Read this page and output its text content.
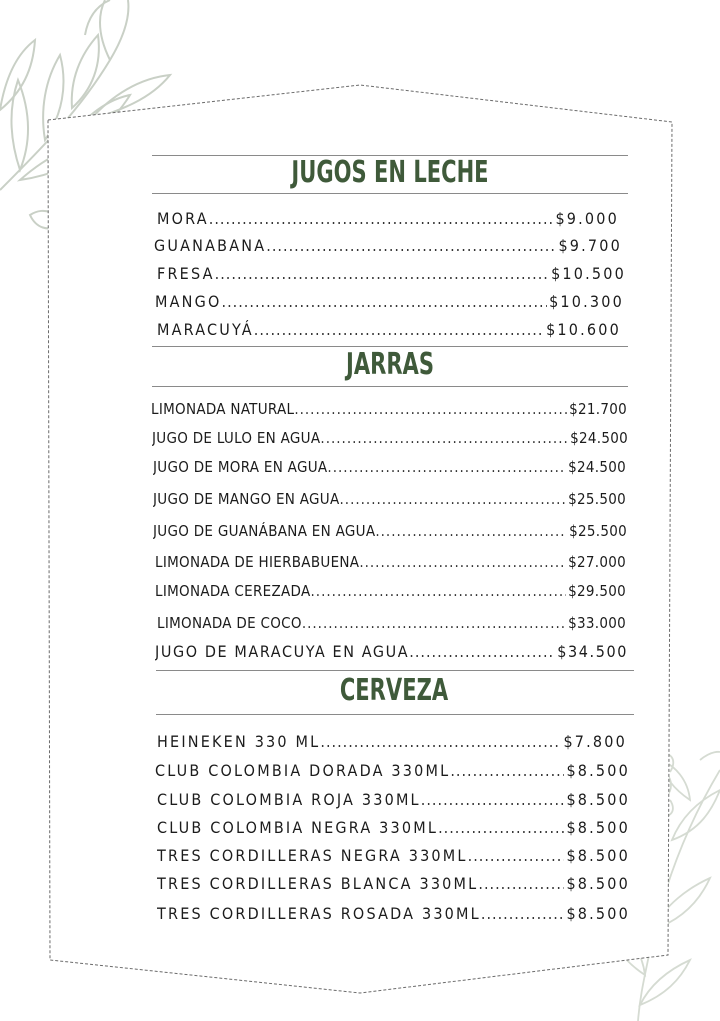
JUGOS EN LECHE
MORA .....	$9.000
GUANABANA .....	$9.700
FRESA .....	$10.500
MANGO .....	$10.300
MARACUYÁ .....	$10.600
JARRAS
LIMONADA NATURAL .....	$21.700
JUGO DE LULO EN AGUA .....	$24.500
JUGO DE MORA EN AGUA .....	$24.500
JUGO DE MANGO EN AGUA .....	$25.500
JUGO DE GUANÁBANA EN AGUA .....	$25.500
LIMONADA DE HIERBABUENA .....	$27.000
LIMONADA CEREZADA .....	$29.500
LIMONADA DE COCO .....	$33.000
JUGO DE MARACUYA EN AGUA .....	$34.500
CERVEZA
HEINEKEN 330 ML .....	$7.800
CLUB COLOMBIA DORADA 330ML .....	$8.500
CLUB COLOMBIA ROJA 330ML .....	$8.500
CLUB COLOMBIA NEGRA 330ML .....	$8.500
TRES CORDILLERAS NEGRA 330ML .....	$8.500
TRES CORDILLERAS BLANCA 330ML .....	$8.500
TRES CORDILLERAS ROSADA 330ML .....	$8.500
